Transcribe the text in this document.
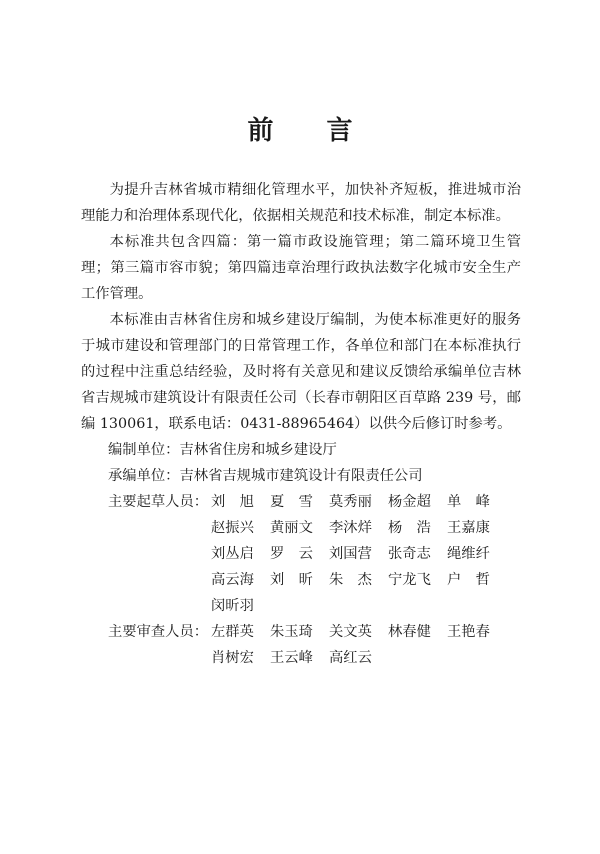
前 言

为提升吉林省城市精细化管理水平，加快补齐短板，推进城市治理能力和治理体系现代化，依据相关规范和技术标准，制定本标准。

本标准共包含四篇：第一篇市政设施管理；第二篇环境卫生管理；第三篇市容市貌；第四篇违章治理行政执法数字化城市安全生产工作管理。

本标准由吉林省住房和城乡建设厅编制，为使本标准更好的服务于城市建设和管理部门的日常管理工作，各单位和部门在本标准执行的过程中注重总结经验，及时将有关意见和建议反馈给承编单位吉林省吉规城市建筑设计有限责任公司（长春市朝阳区百草路 239 号，邮编 130061，联系电话：0431-88965464）以供今后修订时参考。

编制单位：吉林省住房和城乡建设厅

承编单位：吉林省吉规城市建筑设计有限责任公司

主要起草人员： 刘旭 夏雪 莫秀丽	杨金超	单峰
赵振兴	黄丽文	李沐烊	杨浩 王嘉康
刘丛启	罗云 刘国营	张奇志	绳维纤
高云海	刘昕 朱杰 宁龙飞	户哲
闵昕羽
主要审查人员： 左群英	朱玉琦	关文英	林春健	王艳春
肖树宏	王云峰	高红云
